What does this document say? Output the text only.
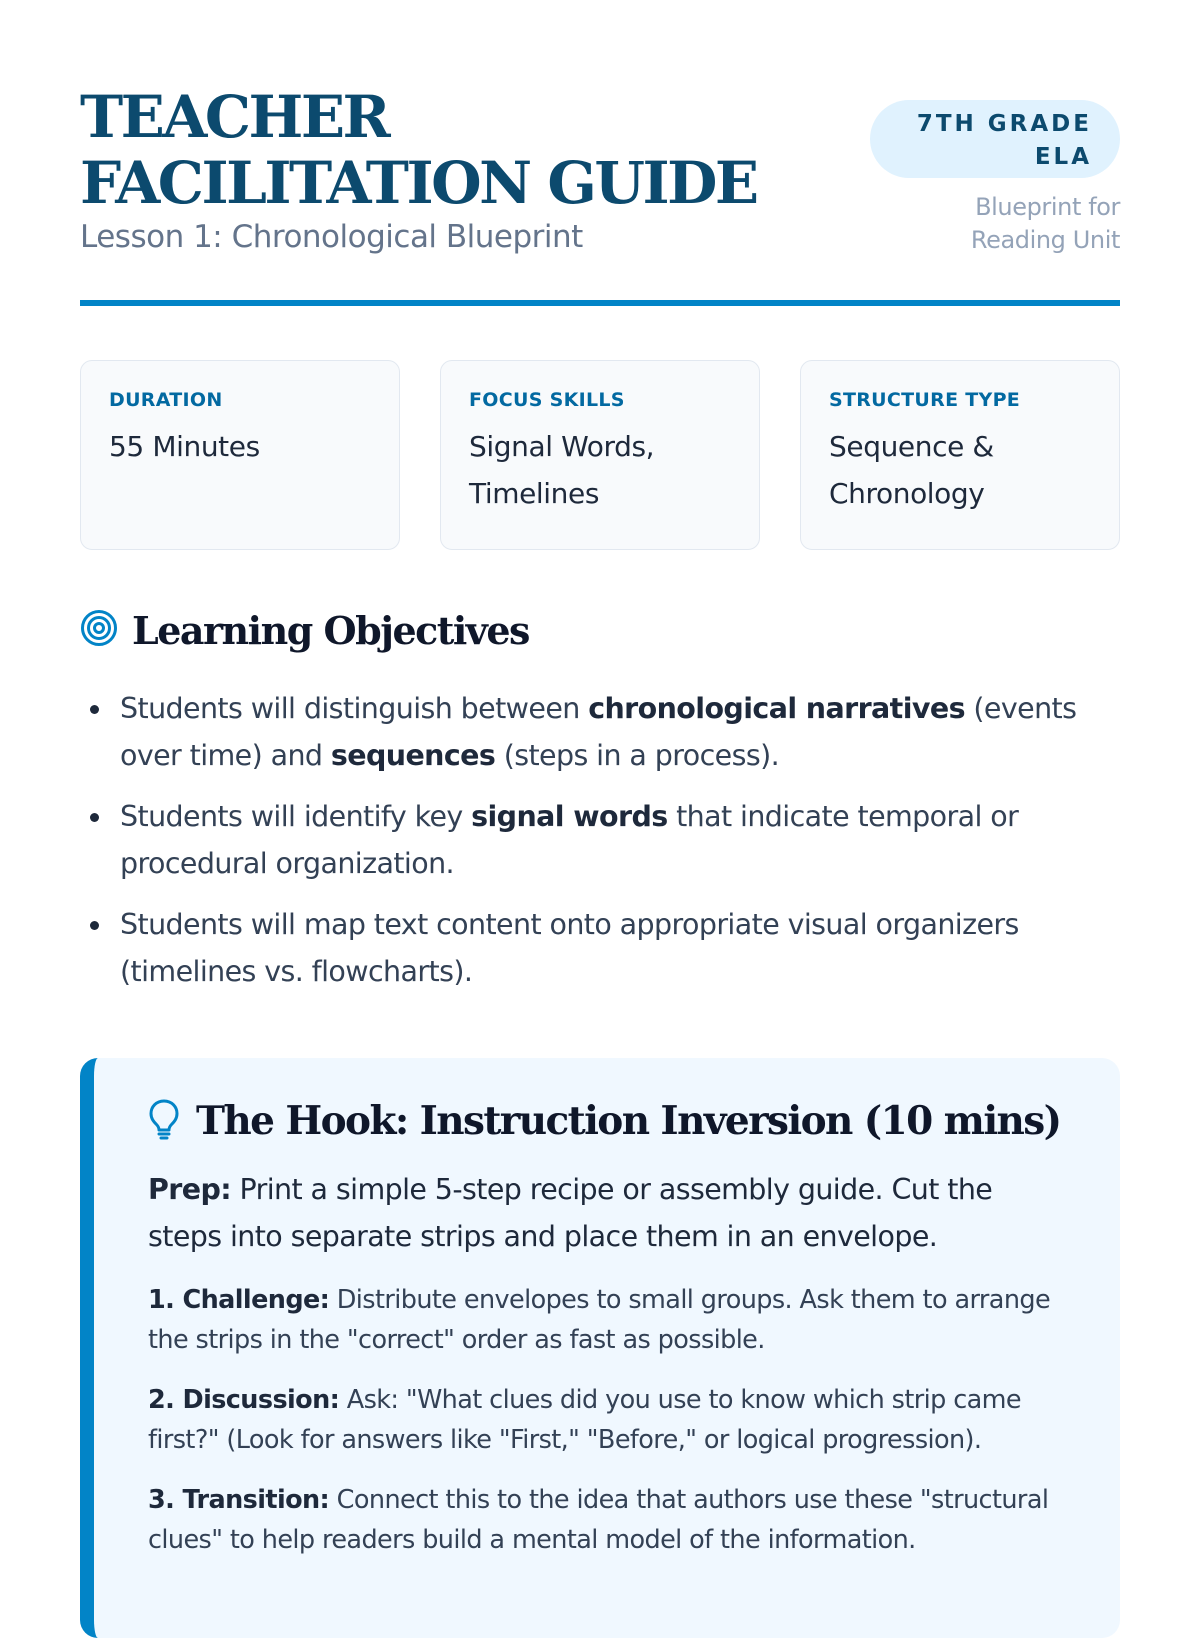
TEACHER FACILITATION GUIDE

Lesson 1: Chronological Blueprint

7TH GRADE ELA
Blueprint for Reading Unit
DURATION
55 Minutes
FOCUS SKILLS
Signal Words, Timelines
STRUCTURE TYPE
Sequence & Chronology
Learning Objectives
Students will distinguish between chronological narratives (events over time) and sequences (steps in a process).
Students will identify key signal words that indicate temporal or procedural organization.
Students will map text content onto appropriate visual organizers (timelines vs. flowcharts).
The Hook: Instruction Inversion (10 mins)

Prep: Print a simple 5-step recipe or assembly guide. Cut the steps into separate strips and place them in an envelope.

1. Challenge: Distribute envelopes to small groups. Ask them to arrange the strips in the "correct" order as fast as possible.

2. Discussion: Ask: "What clues did you use to know which strip came first?" (Look for answers like "First," "Before," or logical progression).

3. Transition: Connect this to the idea that authors use these "structural clues" to help readers build a mental model of the information.
